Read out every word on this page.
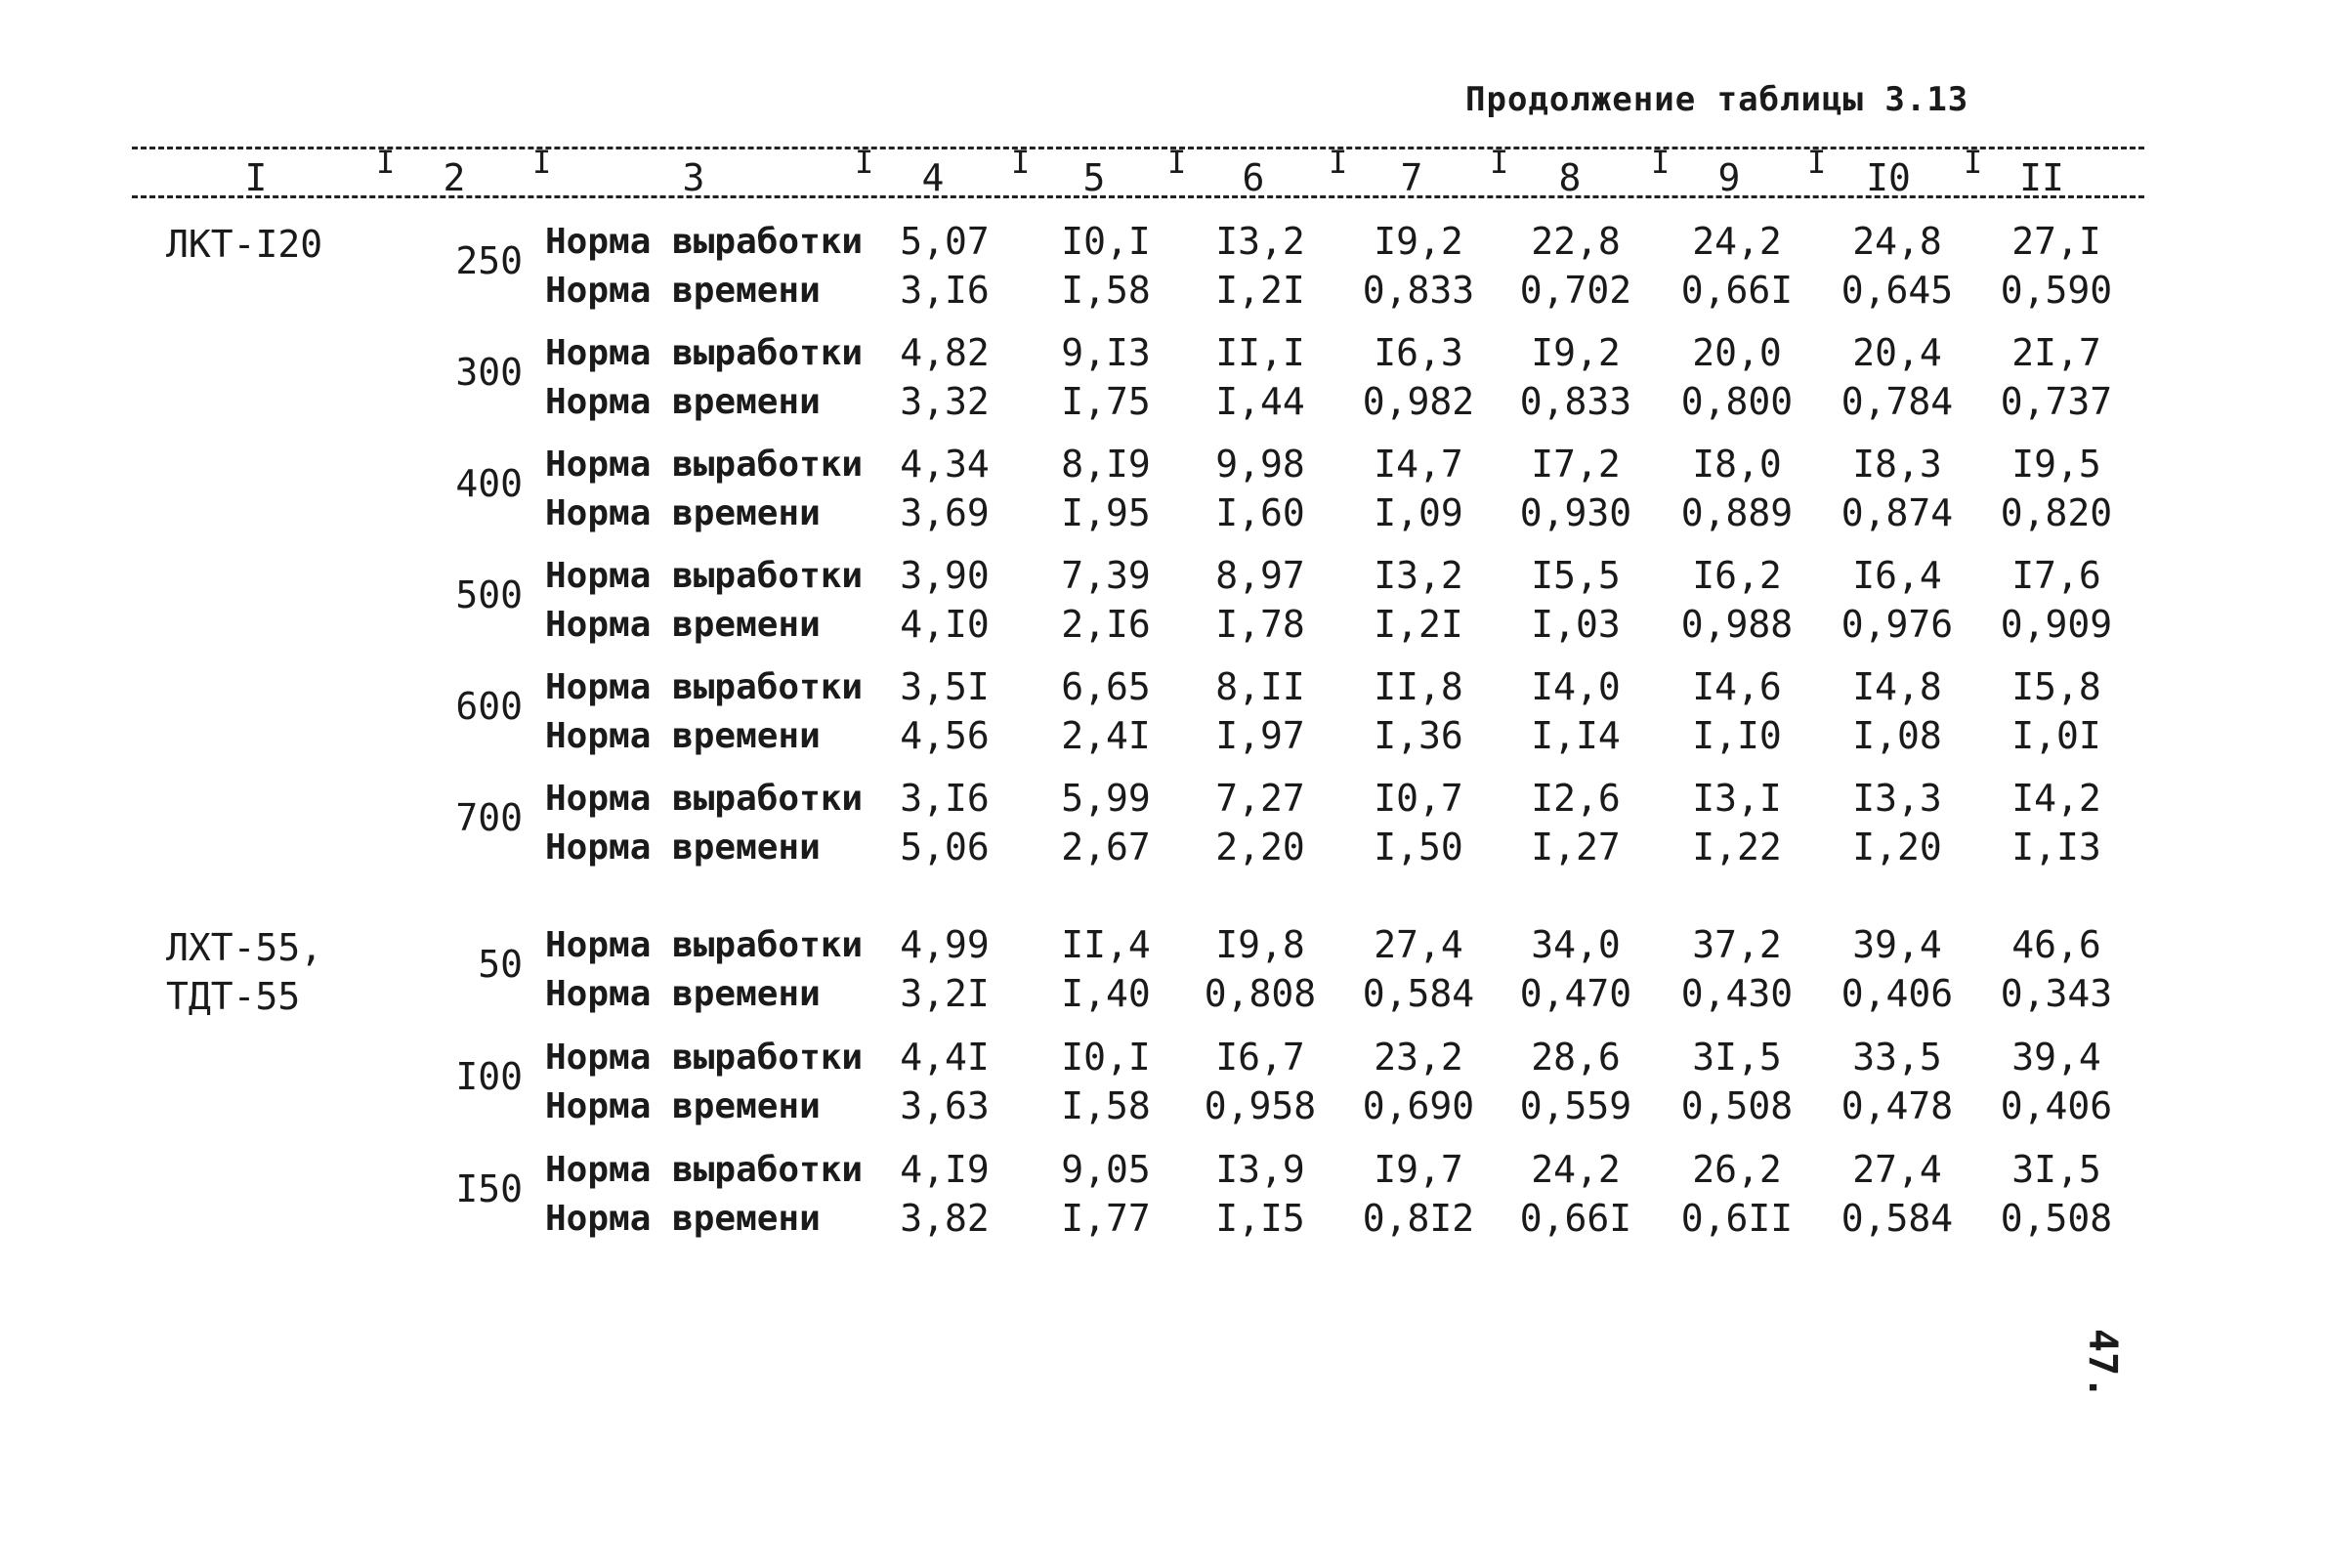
Продолжение таблицы 3.13
I	2	3	4	5	6	7	8	9	I0	II
I	I	I	I	I	I	I	I	I	I
ЛКТ-I20	250 Норма выработки	5,07	I0,I	I3,2	I9,2	22,8	24,2	24,8	27,I
Норма времени	3,I6	I,58	I,2I	0,833	0,702	0,66I	0,645	0,590
300 Норма выработки	4,82	9,I3	II,I	I6,3	I9,2	20,0	20,4	2I,7
Норма времени	3,32	I,75	I,44	0,982	0,833	0,800	0,784	0,737
400 Норма выработки	4,34	8,I9	9,98	I4,7	I7,2	I8,0	I8,3	I9,5
Норма времени	3,69	I,95	I,60	I,09	0,930	0,889	0,874	0,820
500 Норма выработки	3,90	7,39	8,97	I3,2	I5,5	I6,2	I6,4	I7,6
Норма времени	4,I0	2,I6	I,78	I,2I	I,03	0,988	0,976	0,909
600 Норма выработки	3,5I	6,65	8,II	II,8	I4,0	I4,6	I4,8	I5,8
Норма времени	4,56	2,4I	I,97	I,36	I,I4	I,I0	I,08	I,0I
700 Норма выработки	3,I6	5,99	7,27	I0,7	I2,6	I3,I	I3,3	I4,2
Норма времени	5,06	2,67	2,20	I,50	I,27	I,22	I,20	I,I3
ЛХТ-55,
ТДТ-55
50 Норма выработки	4,99	II,4	I9,8	27,4	34,0	37,2	39,4	46,6
Норма времени	3,2I	I,40	0,808	0,584	0,470	0,430	0,406	0,343
I00 Норма выработки	4,4I	I0,I	I6,7	23,2	28,6	3I,5	33,5	39,4
Норма времени	3,63	I,58	0,958	0,690	0,559	0,508	0,478	0,406
I50 Норма выработки	4,I9	9,05	I3,9	I9,7	24,2	26,2	27,4	3I,5
Норма времени	3,82	I,77	I,I5	0,8I2	0,66I	0,6II	0,584	0,508
47.
